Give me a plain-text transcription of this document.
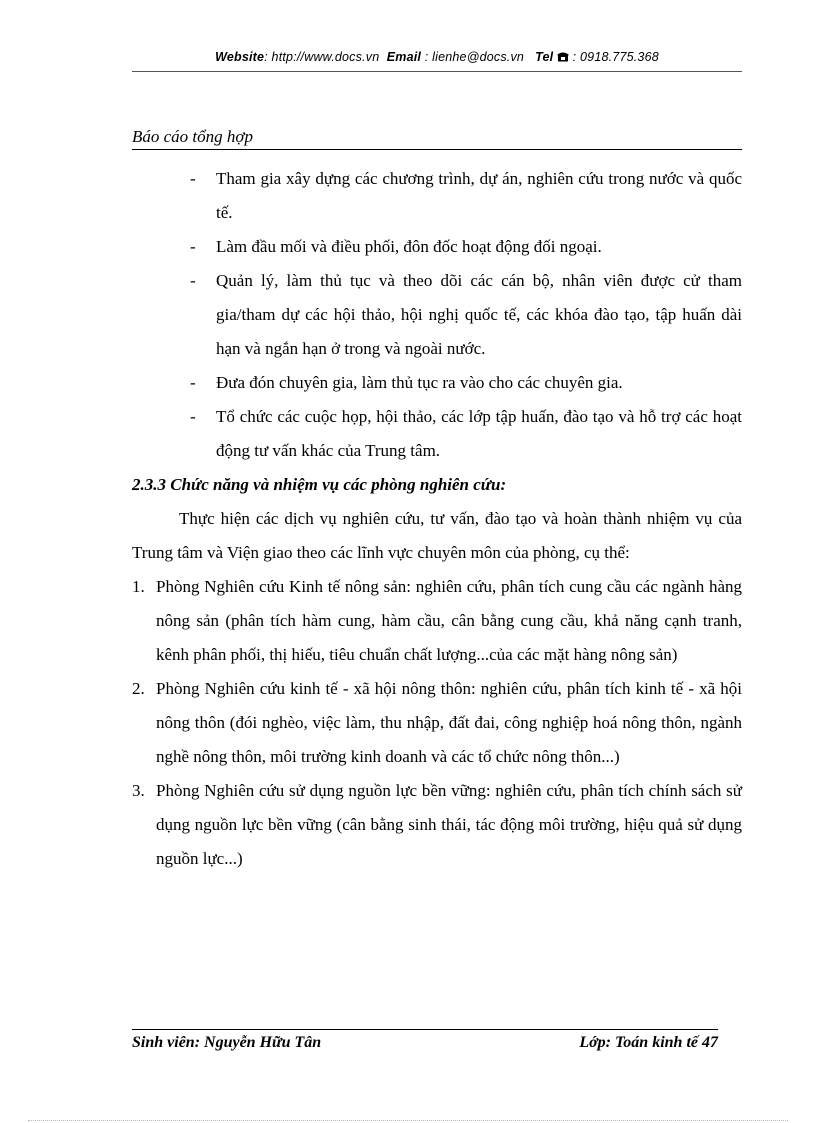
Website: http://www.docs.vn Email : lienhe@docs.vn Tel : 0918.775.368
Báo cáo tổng hợp
- Tham gia xây dựng các chương trình, dự án, nghiên cứu trong nước và quốc tế.
- Làm đầu mối và điều phối, đôn đốc hoạt động đối ngoại.
- Quản lý, làm thủ tục và theo dõi các cán bộ, nhân viên được cử tham gia/tham dự các hội thảo, hội nghị quốc tế, các khóa đào tạo, tập huấn dài hạn và ngắn hạn ở trong và ngoài nước.
- Đưa đón chuyên gia, làm thủ tục ra vào cho các chuyên gia.
- Tổ chức các cuộc họp, hội thảo, các lớp tập huấn, đào tạo và hỗ trợ các hoạt động tư vấn khác của Trung tâm.
2.3.3 Chức năng và nhiệm vụ các phòng nghiên cứu:

Thực hiện các dịch vụ nghiên cứu, tư vấn, đào tạo và hoàn thành nhiệm vụ của Trung tâm và Viện giao theo các lĩnh vực chuyên môn của phòng, cụ thể:

1. Phòng Nghiên cứu Kinh tế nông sản: nghiên cứu, phân tích cung cầu các ngành hàng nông sản (phân tích hàm cung, hàm cầu, cân bằng cung cầu, khả năng cạnh tranh, kênh phân phối, thị hiếu, tiêu chuẩn chất lượng...của các mặt hàng nông sản)
2. Phòng Nghiên cứu kinh tế - xã hội nông thôn: nghiên cứu, phân tích kinh tế - xã hội nông thôn (đói nghèo, việc làm, thu nhập, đất đai, công nghiệp hoá nông thôn, ngành nghề nông thôn, môi trường kinh doanh và các tổ chức nông thôn...)
3. Phòng Nghiên cứu sử dụng nguồn lực bền vững: nghiên cứu, phân tích chính sách sử dụng nguồn lực bền vững (cân bằng sinh thái, tác động môi trường, hiệu quả sử dụng nguồn lực...)
Sinh viên: Nguyễn Hữu Tân	Lớp: Toán kinh tế 47
